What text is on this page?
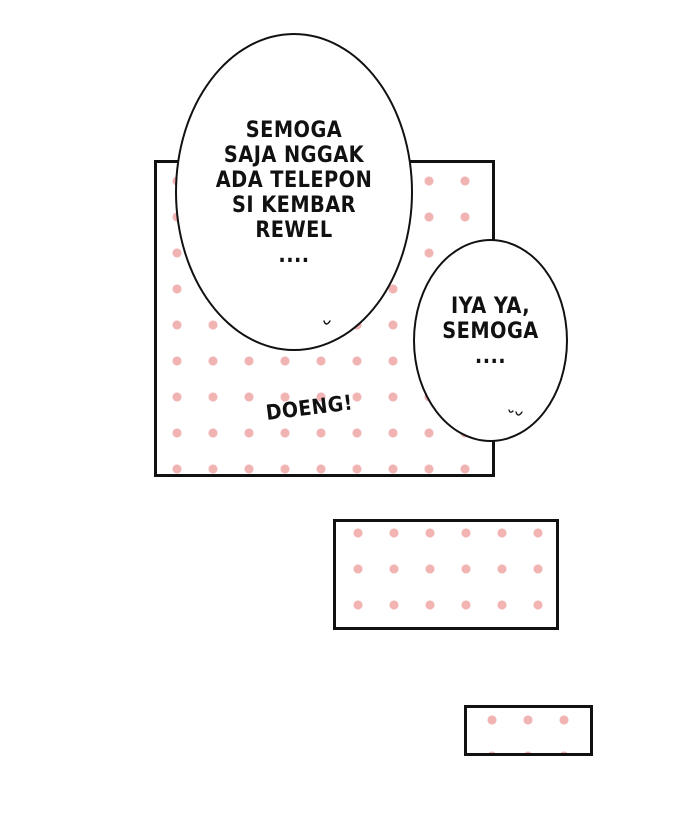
DOENG!
SEMOGA
SAJA NGGAK
ADA TELEPON
SI KEMBAR
REWEL
....
IYA YA,
SEMOGA
....
